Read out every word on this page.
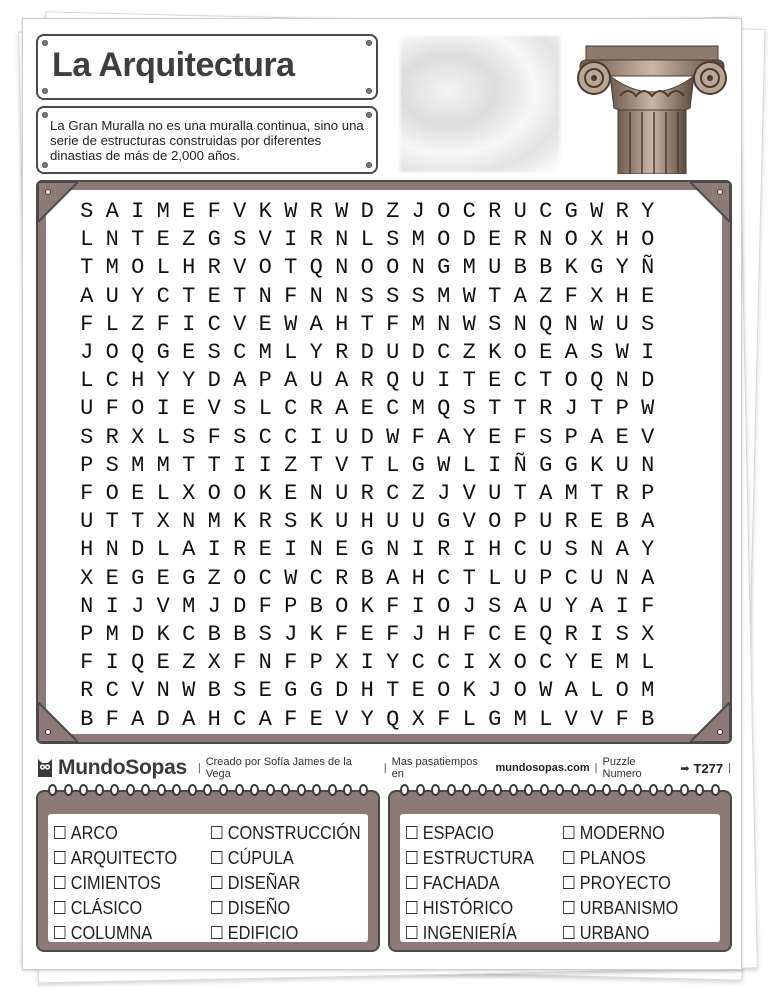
La Arquitectura

La Gran Muralla no es una muralla continua, sino una serie de estructuras construidas por diferentes dinastias de más de 2,000 años.

S A I M E F V K W R W D Z J O C R U C G W R Y
L N T E Z G S V I R N L S M O D E R N O X H O
T M O L H R V O T Q N O O N G M U B B K G Y Ñ
A U Y C T E T N F N N S S S M W T A Z F X H E
F L Z F I C V E W A H T F M N W S N Q N W U S
J O Q G E S C M L Y R D U D C Z K O E A S W I
L C H Y Y D A P A U A R Q U I T E C T O Q N D
U F O I E V S L C R A E C M Q S T T R J T P W
S R X L S F S C C I U D W F A Y E F S P A E V
P S M M T T I I Z T V T L G W L I Ñ G G K U N
F O E L X O O K E N U R C Z J V U T A M T R P
U T T X N M K R S K U H U U G V O P U R E B A
H N D L A I R E I N E G N I R I H C U S N A Y
X E G E G Z O C W C R B A H C T L U P C U N A
N I J V M J D F P B O K F I O J S A U Y A I F
P M D K C B B S J K F E F J H F C E Q R I S X
F I Q E Z X F N F P X I Y C C I X O C Y E M L
R C V N W B S E G G D H T E O K J O W A L O M
B F A D A H C A F E V Y Q X F L G M L V V F B
MundoSopas | Creado por Sofía James de la Vega	| Mas pasatiempos en
	mundosopas.com | Puzzle Numero
	➡ T277 |
ARCO
ARQUITECTO
CIMIENTOS
CLÁSICO
COLUMNA
CONSTRUCCIÓN
CÚPULA
DISEÑAR
DISEÑO
EDIFICIO
ESPACIO
ESTRUCTURA
FACHADA
HISTÓRICO
INGENIERÍA
MODERNO
PLANOS
PROYECTO
URBANISMO
URBANO
